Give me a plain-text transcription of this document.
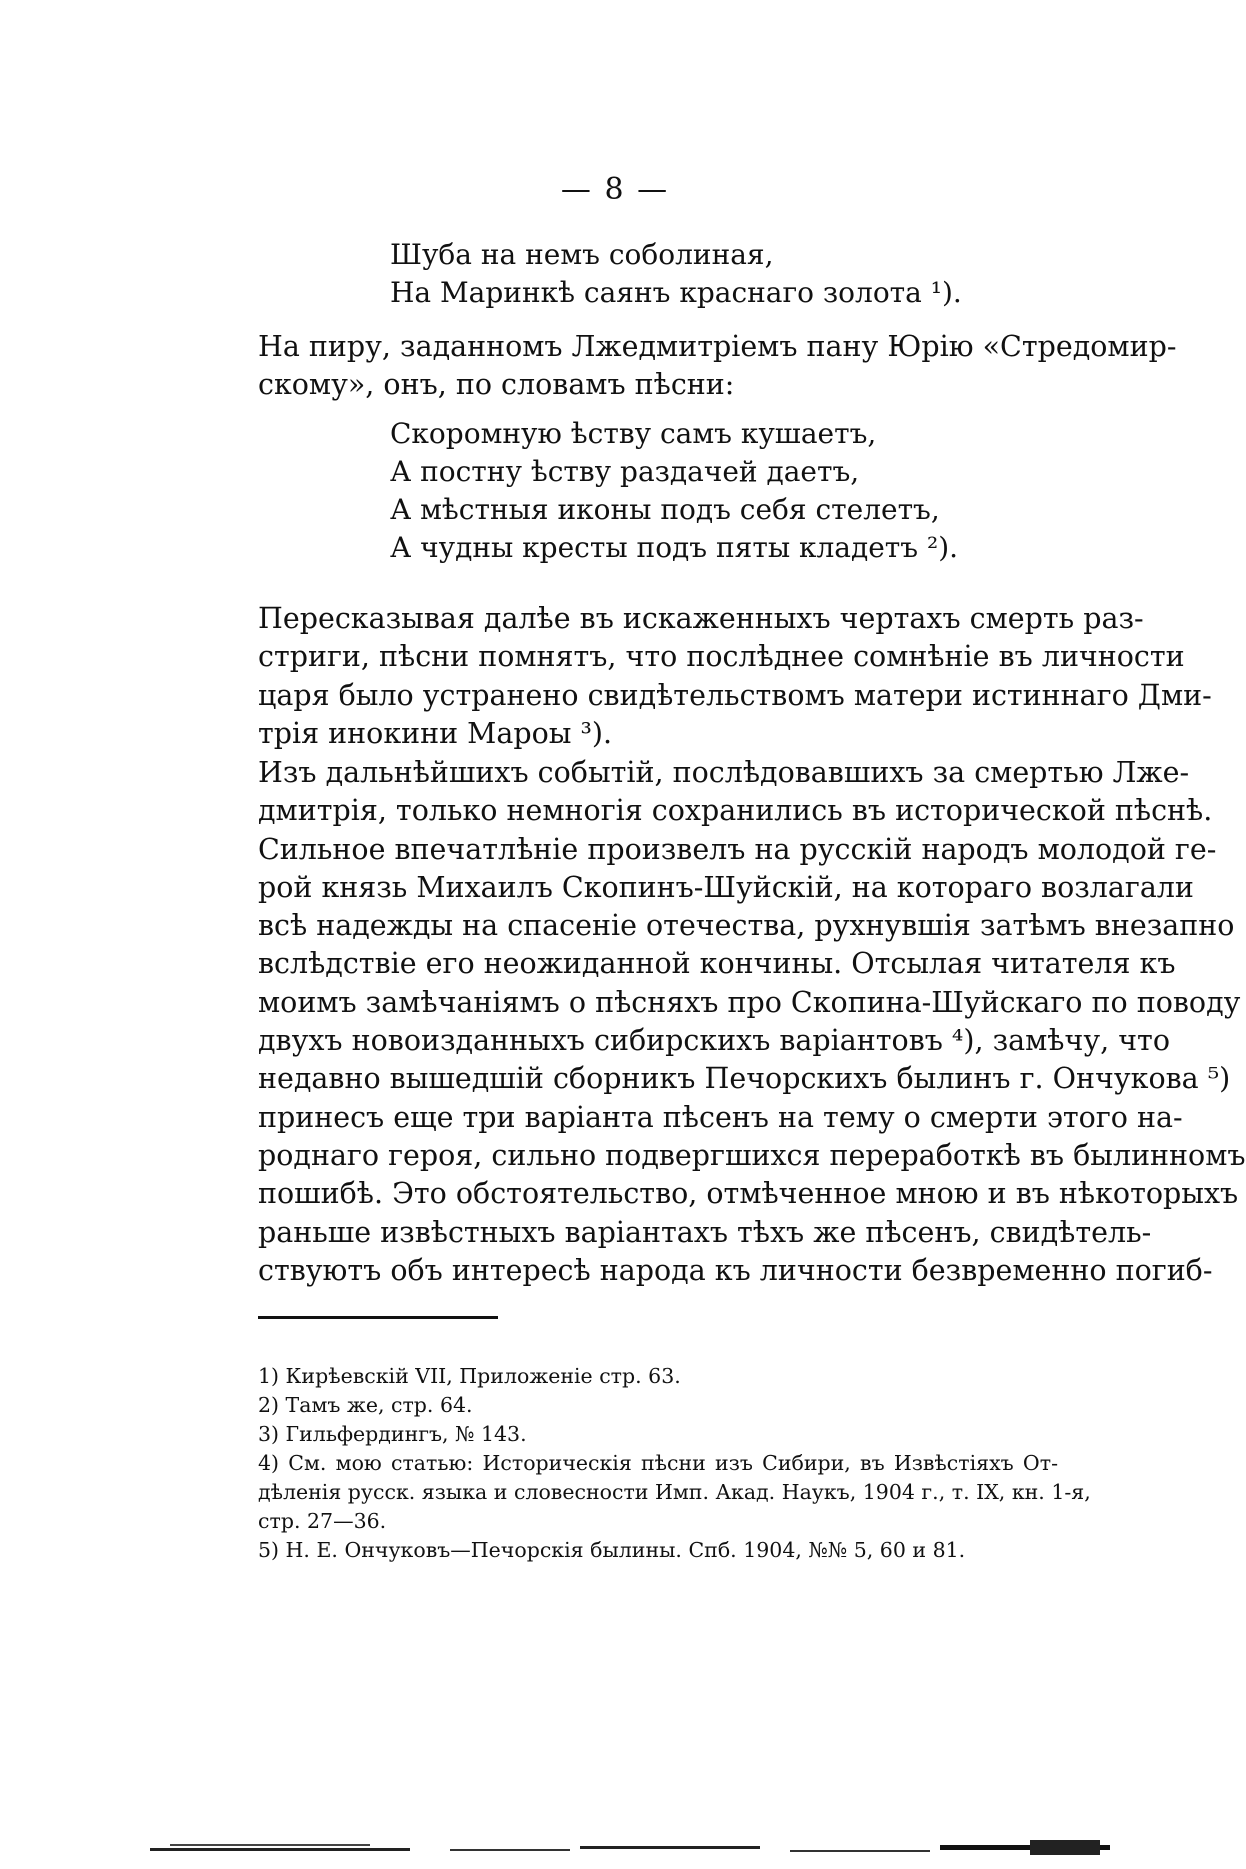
— 8 —
Шуба на немъ соболиная,
На Маринкѣ саянъ краснаго золота ¹).
На пиру, заданномъ Лжедмитріемъ пану Юрію «Стредомир-
скому», онъ, по словамъ пѣсни:
Скоромную ѣству самъ кушаетъ,
А постну ѣству раздачей даетъ,
А мѣстныя иконы подъ себя стелетъ,
А чудны кресты подъ пяты кладетъ ²).
Пересказывая далѣе въ искаженныхъ чертахъ смерть раз-
стриги, пѣсни помнятъ, что послѣднее сомнѣніе въ личности
царя было устранено свидѣтельствомъ матери истиннаго Дми-
трія инокини Мароы ³).
Изъ дальнѣйшихъ событій, послѣдовавшихъ за смертью Лже-
дмитрія, только немногія сохранились въ исторической пѣснѣ.
Сильное впечатлѣніе произвелъ на русскій народъ молодой ге-
рой князь Михаилъ Скопинъ-Шуйскій, на котораго возлагали
всѣ надежды на спасеніе отечества, рухнувшія затѣмъ внезапно
вслѣдствіе его неожиданной кончины. Отсылая читателя къ
моимъ замѣчаніямъ о пѣсняхъ про Скопина-Шуйскаго по поводу
двухъ новоизданныхъ сибирскихъ варіантовъ ⁴), замѣчу, что
недавно вышедшій сборникъ Печорскихъ былинъ г. Ончукова ⁵)
принесъ еще три варіанта пѣсенъ на тему о смерти этого на-
роднаго героя, сильно подвергшихся переработкѣ въ былинномъ
пошибѣ. Это обстоятельство, отмѣченное мною и въ нѣкоторыхъ
раньше извѣстныхъ варіантахъ тѣхъ же пѣсенъ, свидѣтель-
ствуютъ объ интересѣ народа къ личности безвременно погиб-
1) Кирѣевскій VII, Приложеніе стр. 63.
2) Тамъ же, стр. 64.
3) Гильфердингъ, № 143.
4) См. мою статью: Историческія пѣсни изъ Сибири, въ Извѣстіяхъ От-
дѣленія русск. языка и словесности Имп. Акад. Наукъ, 1904 г., т. IX, кн. 1-я,
стр. 27—36.
5) Н. Е. Ончуковъ—Печорскія былины. Спб. 1904, №№ 5, 60 и 81.
